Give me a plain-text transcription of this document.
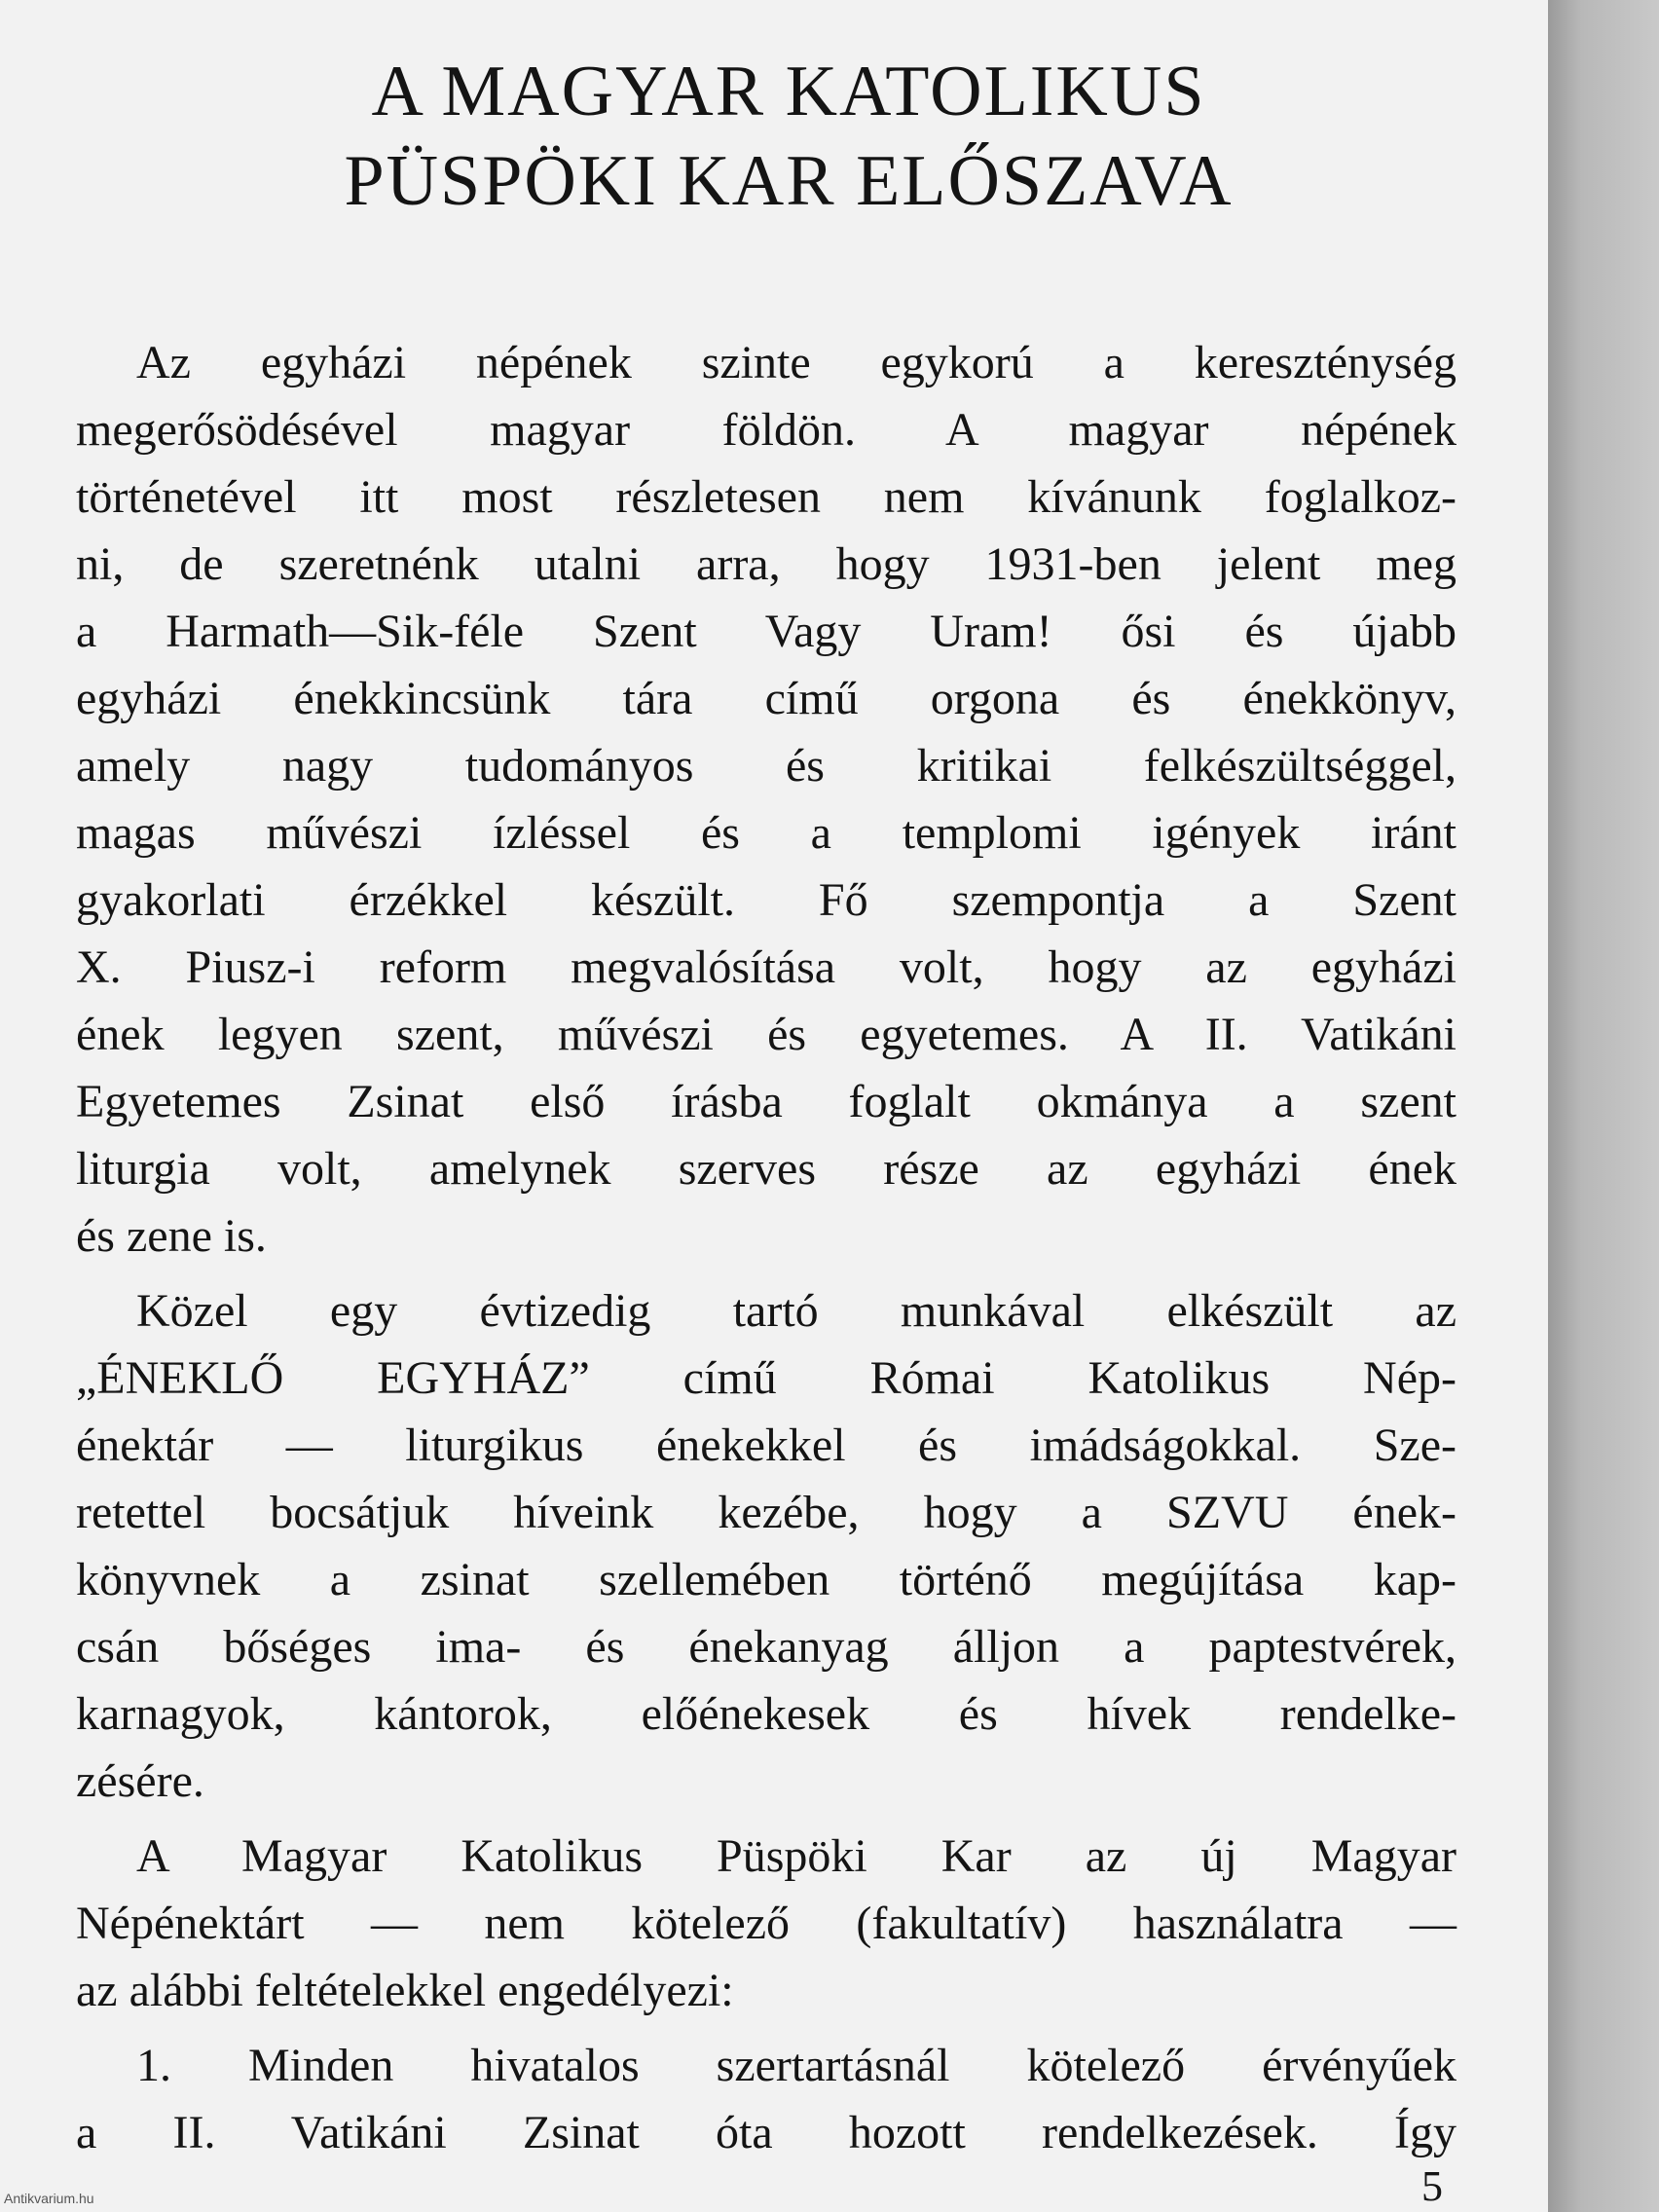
A MAGYAR KATOLIKUS
PÜSPÖKI KAR ELŐSZAVA

Az egyházi népének szinte egykorú a kereszténység
megerősödésével magyar földön. A magyar népének
történetével itt most részletesen nem kívánunk foglalkoz-
ni, de szeretnénk utalni arra, hogy 1931-ben jelent meg
a Harmath—Sik-féle Szent Vagy Uram! ősi és újabb
egyházi énekkincsünk tára című orgona és énekkönyv,
amely nagy tudományos és kritikai felkészültséggel,
magas művészi ízléssel és a templomi igények iránt
gyakorlati érzékkel készült. Fő szempontja a Szent
X. Piusz-i reform megvalósítása volt, hogy az egyházi
ének legyen szent, művészi és egyetemes. A II. Vatikáni
Egyetemes Zsinat első írásba foglalt okmánya a szent
liturgia volt, amelynek szerves része az egyházi ének
és zene is.

Közel egy évtizedig tartó munkával elkészült az
„ÉNEKLŐ EGYHÁZ” című Római Katolikus Nép-
énektár — liturgikus énekekkel és imádságokkal. Sze-
retettel bocsátjuk híveink kezébe, hogy a SZVU ének-
könyvnek a zsinat szellemében történő megújítása kap-
csán bőséges ima- és énekanyag álljon a paptestvérek,
karnagyok, kántorok, előénekesek és hívek rendelke-
zésére.

A Magyar Katolikus Püspöki Kar az új Magyar
Népénektárt — nem kötelező (fakultatív) használatra —
az alábbi feltételekkel engedélyezi:

1. Minden hivatalos szertartásnál kötelező érvényűek
a II. Vatikáni Zsinat óta hozott rendelkezések. Így

5
Antikvarium.hu
